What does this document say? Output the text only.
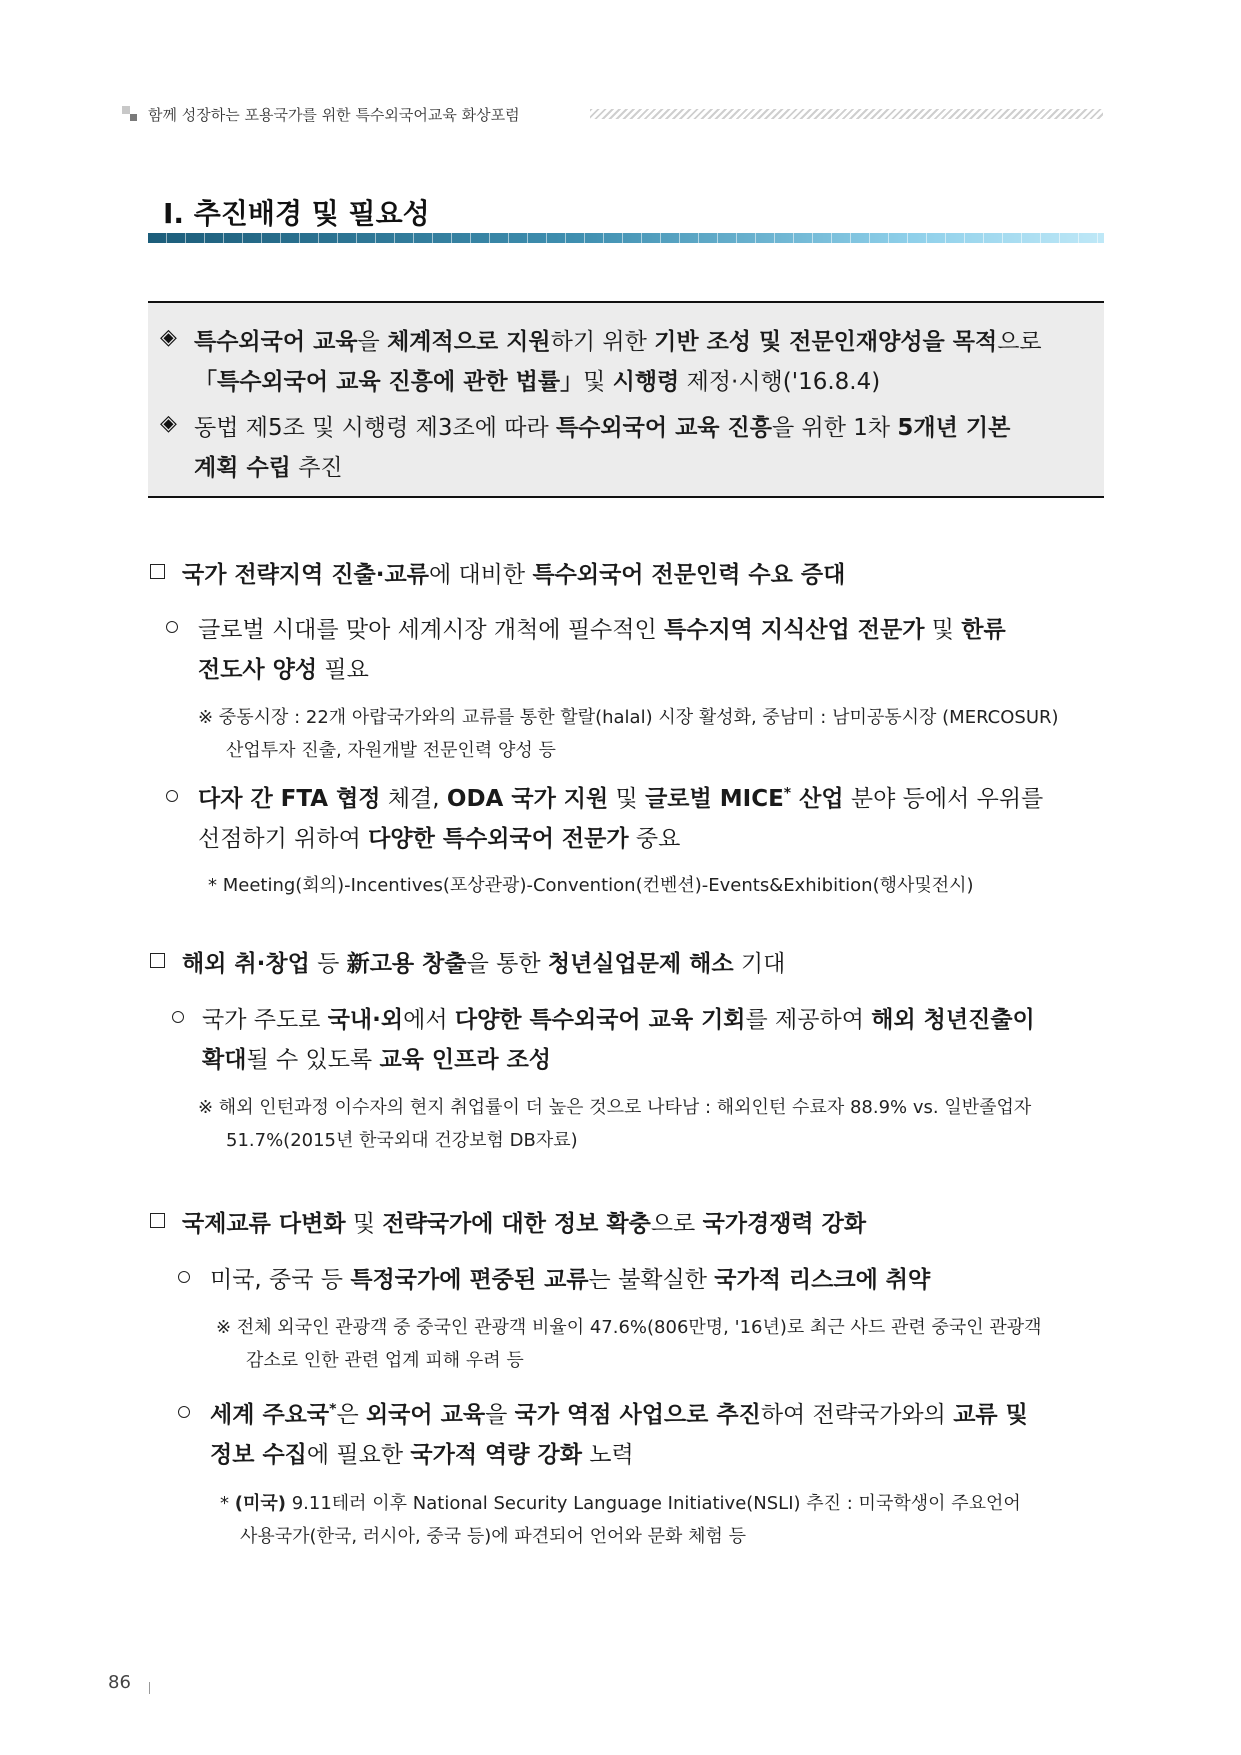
함께 성장하는 포용국가를 위한 특수외국어교육 화상포럼
Ⅰ. 추진배경 및 필요성
◈ 특수외국어 교육을 체계적으로 지원하기 위한 기반 조성 및 전문인재양성을 목적으로
「특수외국어 교육 진흥에 관한 법률」및 시행령 제정·시행('16.8.4)
◈ 동법 제5조 및 시행령 제3조에 따라 특수외국어 교육 진흥을 위한 1차 5개년 기본
계획 수립 추진
국가 전략지역 진출·교류에 대비한 특수외국어 전문인력 수요 증대
글로벌 시대를 맞아 세계시장 개척에 필수적인 특수지역 지식산업 전문가 및 한류
전도사 양성 필요
※ 중동시장 : 22개 아랍국가와의 교류를 통한 할랄(halal) 시장 활성화, 중남미 : 남미공동시장 (MERCOSUR)
산업투자 진출, 자원개발 전문인력 양성 등
다자 간 FTA 협정 체결, ODA 국가 지원 및 글로벌 MICE* 산업 분야 등에서 우위를
선점하기 위하여 다양한 특수외국어 전문가 중요
* Meeting(회의)-Incentives(포상관광)-Convention(컨벤션)-Events&Exhibition(행사및전시)
해외 취·창업 등 新고용 창출을 통한 청년실업문제 해소 기대
국가 주도로 국내·외에서 다양한 특수외국어 교육 기회를 제공하여 해외 청년진출이
확대될 수 있도록 교육 인프라 조성
※ 해외 인턴과정 이수자의 현지 취업률이 더 높은 것으로 나타남 : 해외인턴 수료자 88.9% vs. 일반졸업자
51.7%(2015년 한국외대 건강보험 DB자료)
국제교류 다변화 및 전략국가에 대한 정보 확충으로 국가경쟁력 강화
미국, 중국 등 특정국가에 편중된 교류는 불확실한 국가적 리스크에 취약
※ 전체 외국인 관광객 중 중국인 관광객 비율이 47.6%(806만명, '16년)로 최근 사드 관련 중국인 관광객
감소로 인한 관련 업계 피해 우려 등
세계 주요국*은 외국어 교육을 국가 역점 사업으로 추진하여 전략국가와의 교류 및
정보 수집에 필요한 국가적 역량 강화 노력
* (미국) 9.11테러 이후 National Security Language Initiative(NSLI) 추진 : 미국학생이 주요언어
사용국가(한국, 러시아, 중국 등)에 파견되어 언어와 문화 체험 등
86
